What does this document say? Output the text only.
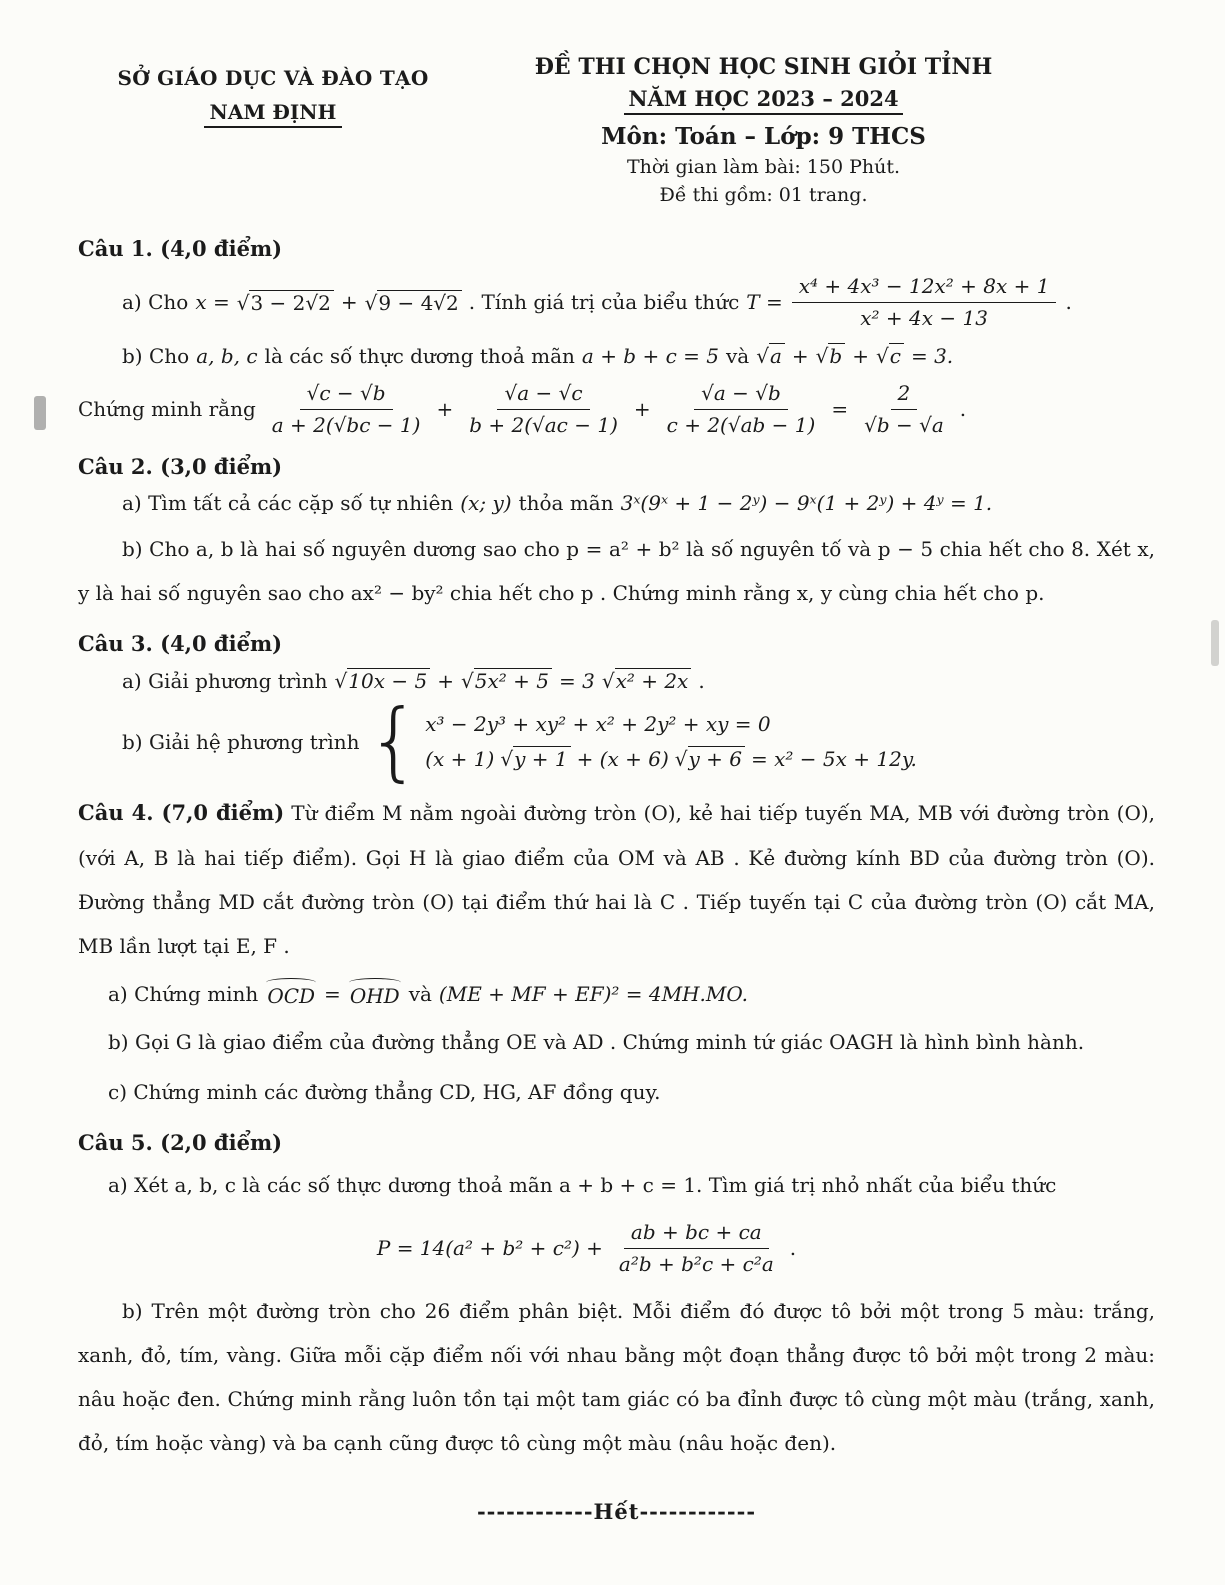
SỞ GIÁO DỤC VÀ ĐÀO TẠO
NAM ĐỊNH
ĐỀ THI CHỌN HỌC SINH GIỎI TỈNH
NĂM HỌC 2023 – 2024
Môn: Toán – Lớp: 9 THCS
Thời gian làm bài: 150 Phút.
Đề thi gồm: 01 trang.
Câu 1. (4,0 điểm)
a) Cho x =	√ 3 − 2√2 +	√ 9 − 4√2 . Tính giá trị của biểu thức $T = \frac{\text{x⁴ + 4x³ − 12x² + 8x + 1}}{\text{x² + 4x − 13}}$ .
b) Cho a, b, c là các số thực dương thoả mãn a + b + c = 5 và	√ a +	√ b +	√ c = 3.
Chứng minh rằng $\frac{√c - √b}{a + 2(√bc - 1)} + \frac{√a - √c}{b + 2(√ac - 1)} + \frac{√a - √b}{c + 2(√ab - 1)} = \frac{2}{√b - √a}$ .
Câu 2. (3,0 điểm)
a) Tìm tất cả các cặp số tự nhiên (x; y) thỏa mãn 3ˣ(9ˣ + 1 − 2ʸ) − 9ˣ(1 + 2ʸ) + 4ʸ = 1.
b) Cho a, b là hai số nguyên dương sao cho p = a² + b² là số nguyên tố và p − 5 chia hết cho 8. Xét x, y là hai số nguyên sao cho ax² − by² chia hết cho p . Chứng minh rằng x, y cùng chia hết cho p.
Câu 3. (4,0 điểm)
a) Giải phương trình	√ 10x − 5 +	√ 5x² + 5 = 3	√ x² + 2x .
b) Giải hệ phương trình
{
x³ − 2y³ + xy² + x² + 2y² + xy = 0
(x + 1) √ y + 1 + (x + 6) √ y + 6 = x² − 5x + 12y.
Câu 4. (7,0 điểm) Từ điểm M nằm ngoài đường tròn (O), kẻ hai tiếp tuyến MA, MB với đường tròn (O), (với A, B là hai tiếp điểm). Gọi H là giao điểm của OM và AB . Kẻ đường kính BD của đường tròn (O). Đường thẳng MD cắt đường tròn (O) tại điểm thứ hai là C . Tiếp tuyến tại C của đường tròn (O) cắt MA, MB lần lượt tại E, F .
a) Chứng minh OCD = OHD và (ME + MF + EF)² = 4MH.MO.
b) Gọi G là giao điểm của đường thẳng OE và AD . Chứng minh tứ giác OAGH là hình bình hành.
c) Chứng minh các đường thẳng CD, HG, AF đồng quy.
Câu 5. (2,0 điểm)
a) Xét a, b, c là các số thực dương thoả mãn a + b + c = 1. Tìm giá trị nhỏ nhất của biểu thức
$P = 14(a^2 + b^2 + c^2) + \frac{ab + bc + ca}{\text{a²b + b²c + c²a}}$ .
b) Trên một đường tròn cho 26 điểm phân biệt. Mỗi điểm đó được tô bởi một trong 5 màu: trắng, xanh, đỏ, tím, vàng. Giữa mỗi cặp điểm nối với nhau bằng một đoạn thẳng được tô bởi một trong 2 màu: nâu hoặc đen. Chứng minh rằng luôn tồn tại một tam giác có ba đỉnh được tô cùng một màu (trắng, xanh, đỏ, tím hoặc vàng) và ba cạnh cũng được tô cùng một màu (nâu hoặc đen).
------------Hết------------
